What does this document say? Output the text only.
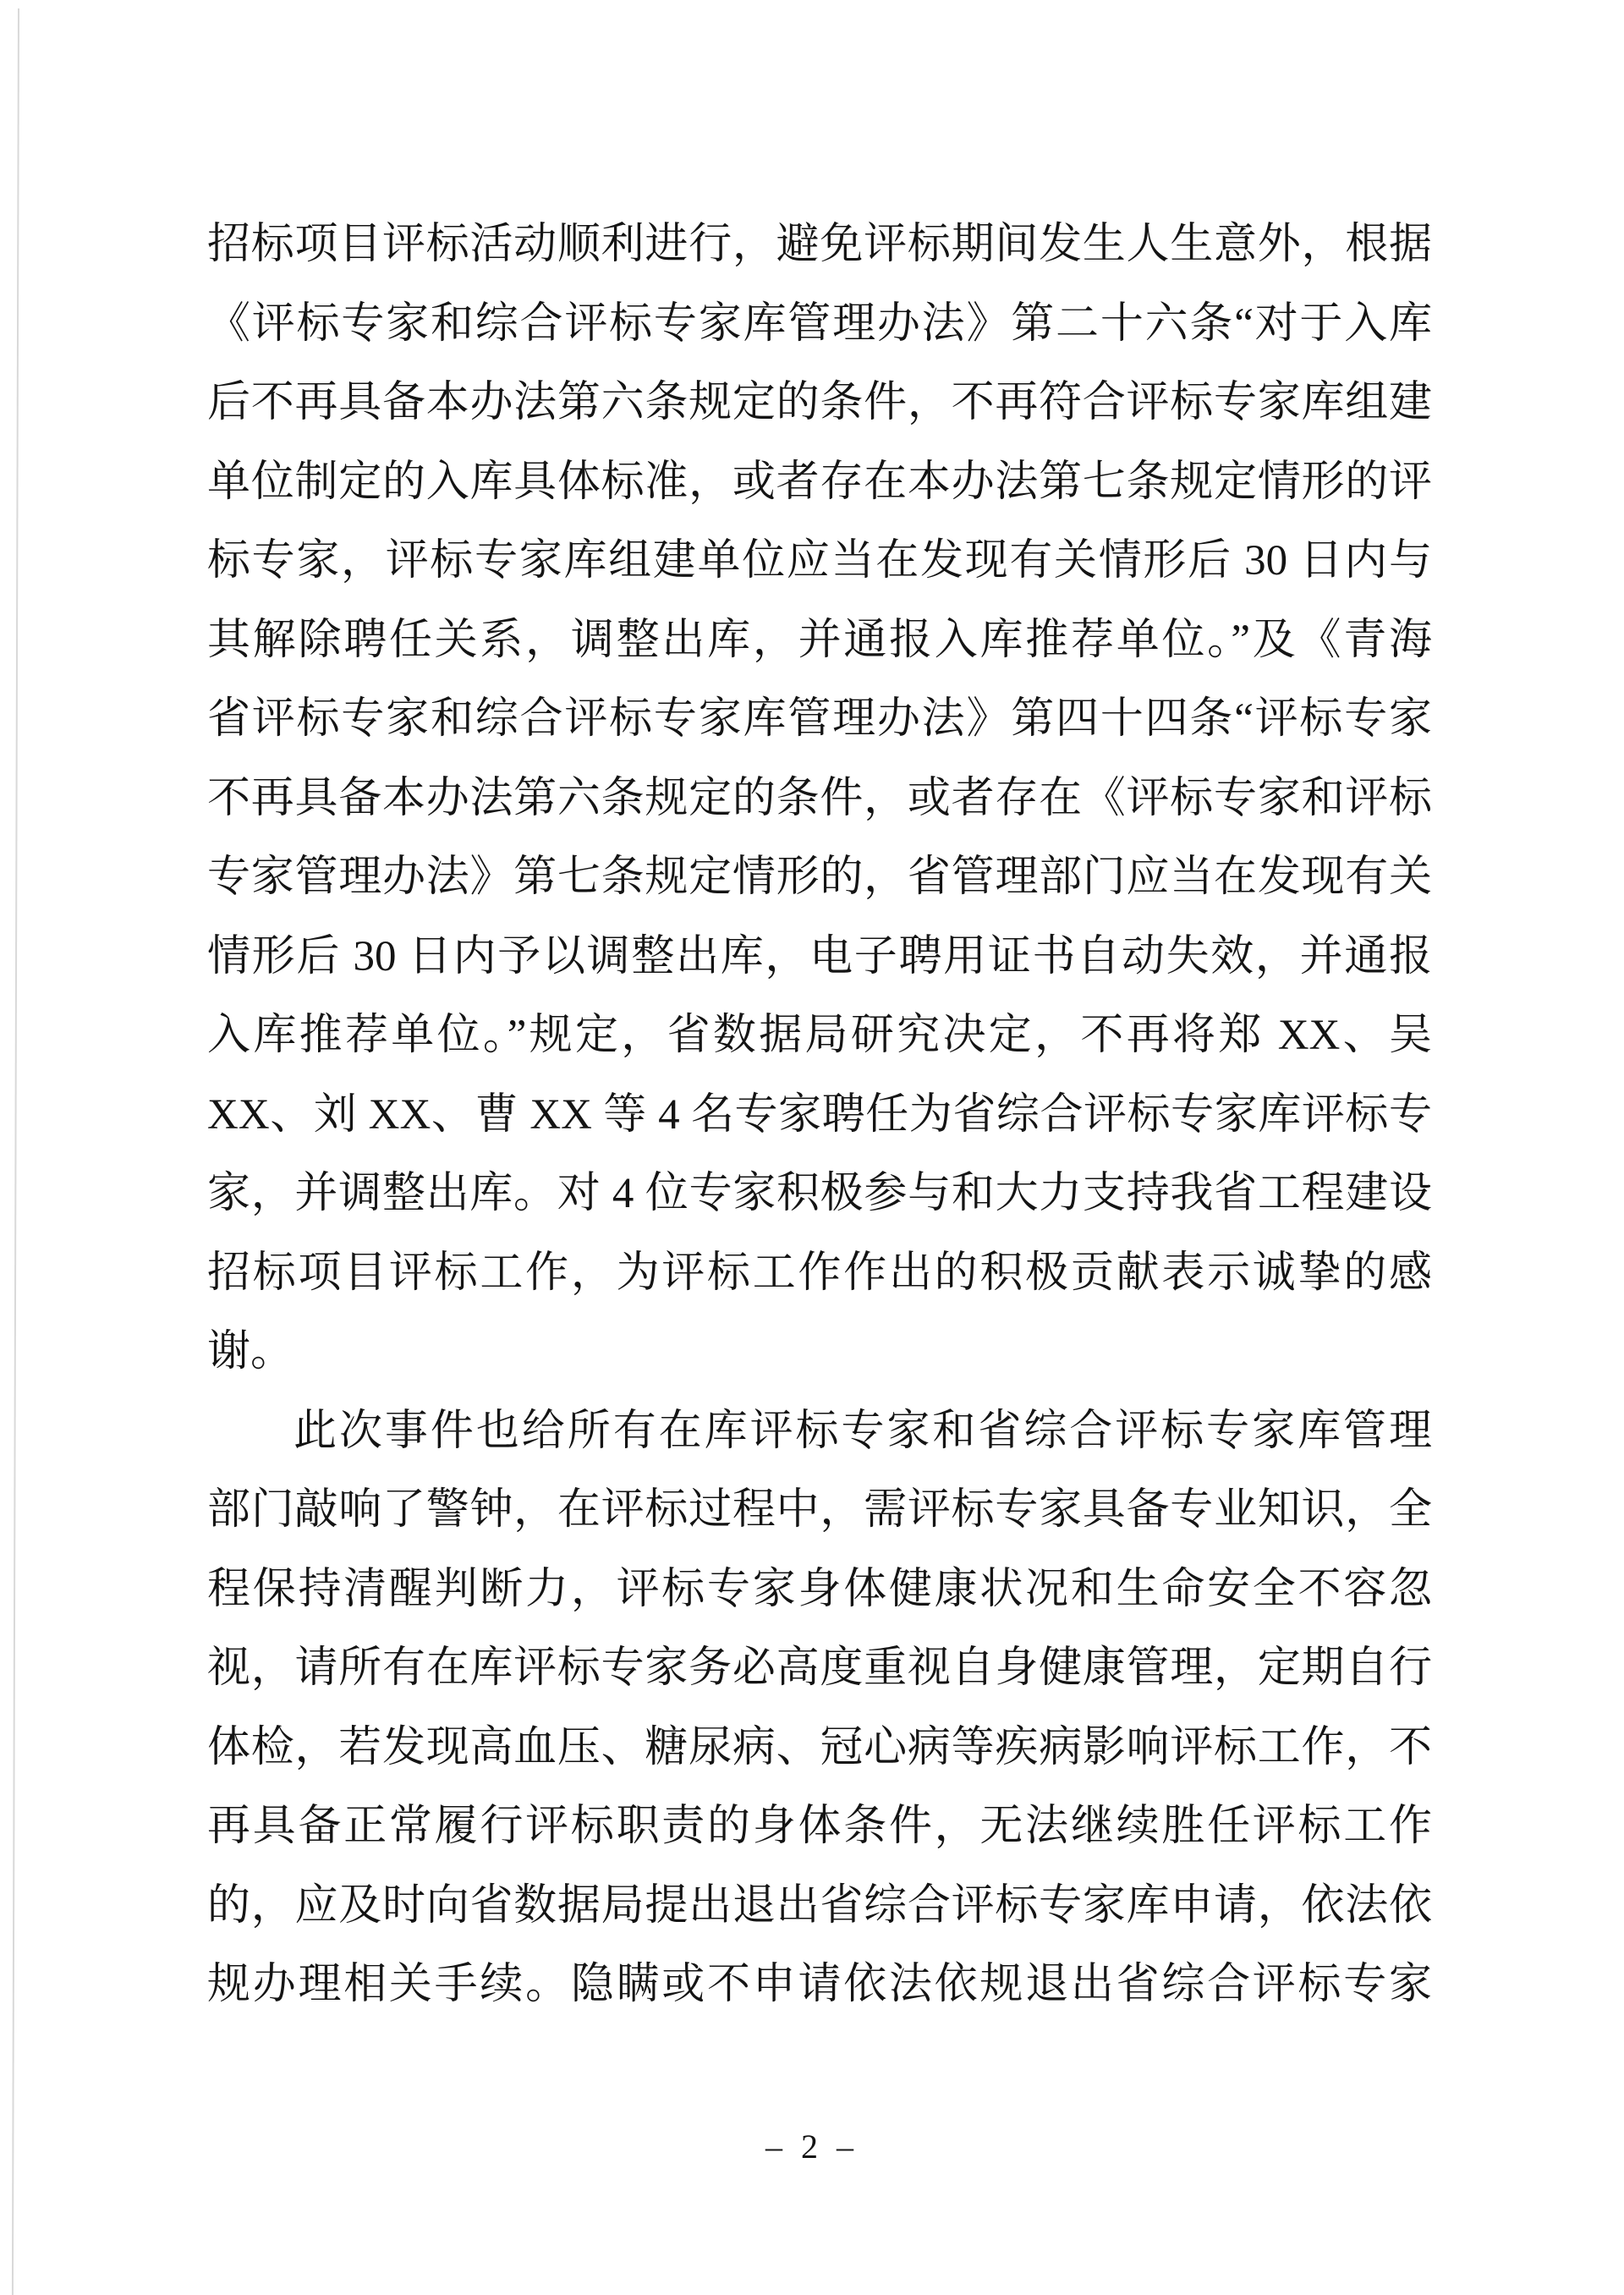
招标项目评标活动顺利进行，避免评标期间发生人生意外，根据
《评标专家和综合评标专家库管理办法》第二十六条“对于入库
后不再具备本办法第六条规定的条件，不再符合评标专家库组建
单位制定的入库具体标准，或者存在本办法第七条规定情形的评
标专家，评标专家库组建单位应当在发现有关情形后 30 日内与
其解除聘任关系，调整出库，并通报入库推荐单位。”及《青海
省评标专家和综合评标专家库管理办法》第四十四条“评标专家
不再具备本办法第六条规定的条件，或者存在《评标专家和评标
专家管理办法》第七条规定情形的，省管理部门应当在发现有关
情形后 30 日内予以调整出库，电子聘用证书自动失效，并通报
入库推荐单位。”规定，省数据局研究决定，不再将郑 XX、吴
XX、刘 XX、曹 XX 等 4 名专家聘任为省综合评标专家库评标专
家，并调整出库。对 4 位专家积极参与和大力支持我省工程建设
招标项目评标工作，为评标工作作出的积极贡献表示诚挚的感
谢。
此次事件也给所有在库评标专家和省综合评标专家库管理
部门敲响了警钟，在评标过程中，需评标专家具备专业知识，全
程保持清醒判断力，评标专家身体健康状况和生命安全不容忽
视，请所有在库评标专家务必高度重视自身健康管理，定期自行
体检，若发现高血压、糖尿病、冠心病等疾病影响评标工作，不
再具备正常履行评标职责的身体条件，无法继续胜任评标工作
的，应及时向省数据局提出退出省综合评标专家库申请，依法依
规办理相关手续。隐瞒或不申请依法依规退出省综合评标专家
– 2 –
